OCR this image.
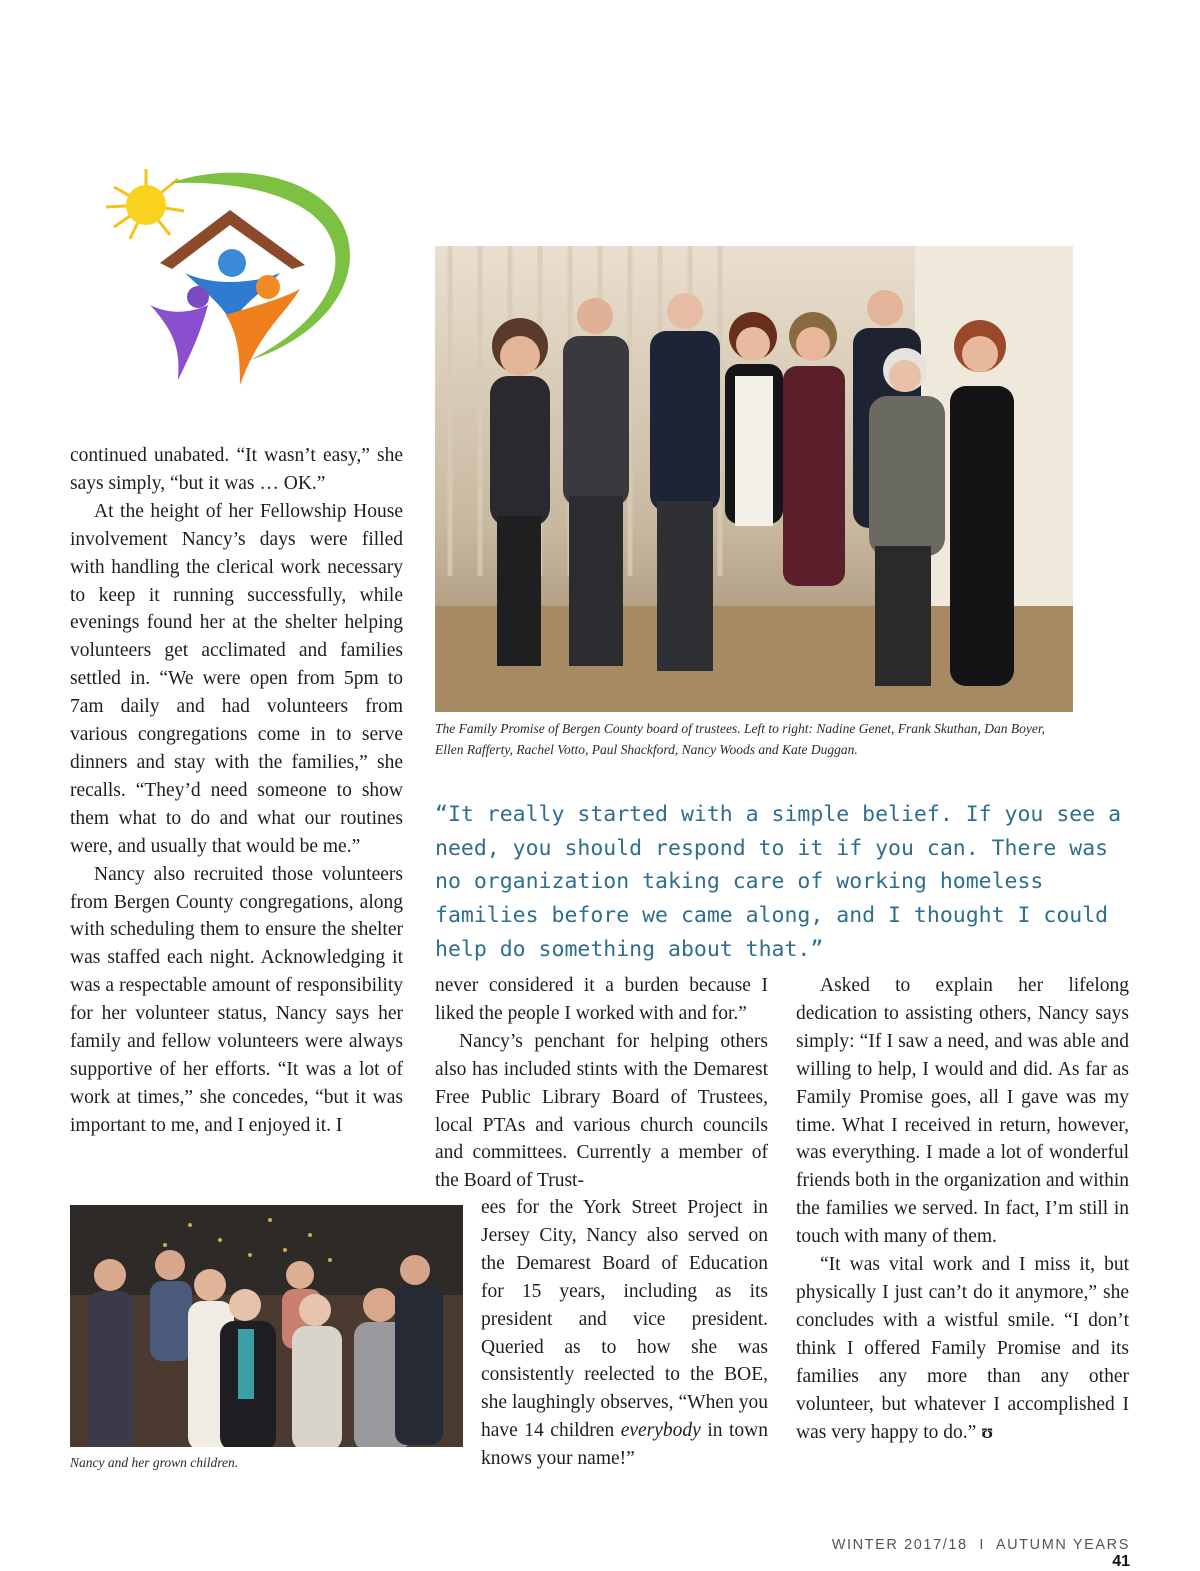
The Family Promise of Bergen County board of trustees. Left to right: Nadine Genet, Frank Skuthan, Dan Boyer, Ellen Rafferty, Rachel Votto, Paul Shackford, Nancy Woods and Kate Duggan.
“It really started with a simple belief. If you see a need, you should respond to it if you can. There was no organization taking care of working homeless families before we came along, and I thought I could help do something about that.”

continued unabated. “It wasn’t easy,” she says simply, “but it was … OK.”

At the height of her Fellowship House involvement Nancy’s days were filled with handling the clerical work necessary to keep it running successfully, while evenings found her at the shelter helping volunteers get acclimated and families settled in. “We were open from 5pm to 7am daily and had volunteers from various congregations come in to serve dinners and stay with the families,” she recalls. “They’d need someone to show them what to do and what our routines were, and usually that would be me.”

Nancy also recruited those volunteers from Bergen County congregations, along with scheduling them to ensure the shelter was staffed each night. Acknowledging it was a respectable amount of responsibility for her volunteer status, Nancy says her family and fellow volunteers were always supportive of her efforts. “It was a lot of work at times,” she concedes, “but it was important to me, and I enjoyed it. I

Nancy and her grown children.

never considered it a burden because I liked the people I worked with and for.”

Nancy’s penchant for helping others also has included stints with the Demarest Free Public Library Board of Trustees, local PTAs and various church councils and committees. Currently a member of the Board of Trust-

ees for the York Street Project in Jersey City, Nancy also served on the Demarest Board of Education for 15 years, including as its president and vice president. Queried as to how she was consistently reelected to the BOE, she laughingly observes, “When you have 14 children everybody in town knows your name!”

Asked to explain her lifelong dedication to assisting others, Nancy says simply: “If I saw a need, and was able and willing to help, I would and did. As far as Family Promise goes, all I gave was my time. What I received in return, however, was everything. I made a lot of wonderful friends both in the organization and within the families we served. In fact, I’m still in touch with many of them.

“It was vital work and I miss it, but physically I just can’t do it anymore,” she concludes with a wistful smile. “I don’t think I offered Family Promise and its families any more than any other volunteer, but whatever I accomplished I was very happy to do.” ʊ

WINTER 2017/18 I AUTUMN YEARS 41
